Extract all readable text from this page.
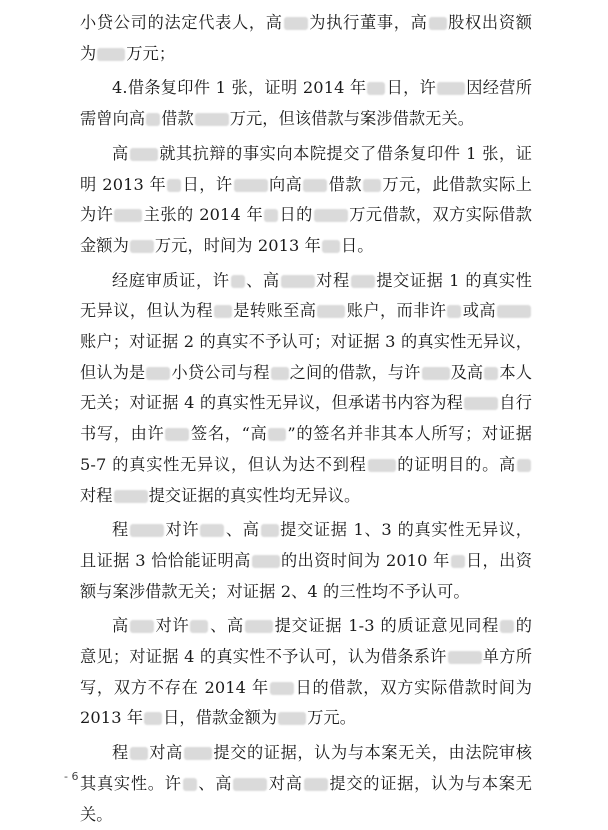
小贷公司的法定代表人，高 为执行董事，高 股权出资额为 万元；

4.借条复印件 1 张，证明 2014 年 日，许 因经营所需曾向高 借款 万元，但该借款与案涉借款无关。

高 就其抗辩的事实向本院提交了借条复印件 1 张，证明 2013 年 日，许 向高 借款 万元，此借款实际上为许 主张的 2014 年 日的 万元借款，双方实际借款金额为 万元，时间为 2013 年 日。

经庭审质证，许 、高 对程 提交证据 1 的真实性无异议，但认为程 是转账至高 账户，而非许 或高账户；对证据 2 的真实不予认可；对证据 3 的真实性无异议，但认为是 小贷公司与程 之间的借款，与许 及高 本人无关；对证据 4 的真实性无异议，但承诺书内容为程 自行书写，由许 签名，“高 ”的签名并非其本人所写；对证据 5-7 的真实性无异议，但认为达不到程 的证明目的。高对程 提交证据的真实性均无异议。

程 对许 、高 提交证据 1、3 的真实性无异议，且证据 3 恰恰能证明高 的出资时间为 2010 年 日，出资额与案涉借款无关；对证据 2、4 的三性均不予认可。

高 对许 、高 提交证据 1-3 的质证意见同程 的意见；对证据 4 的真实性不予认可，认为借条系许 单方所写，双方不存在 2014 年 日的借款，双方实际借款时间为 2013 年 日，借款金额为 万元。

程 对高 提交的证据，认为与本案无关，由法院审核其真实性。许 、高 对高 提交的证据，认为与本案无关。

- 6 -
